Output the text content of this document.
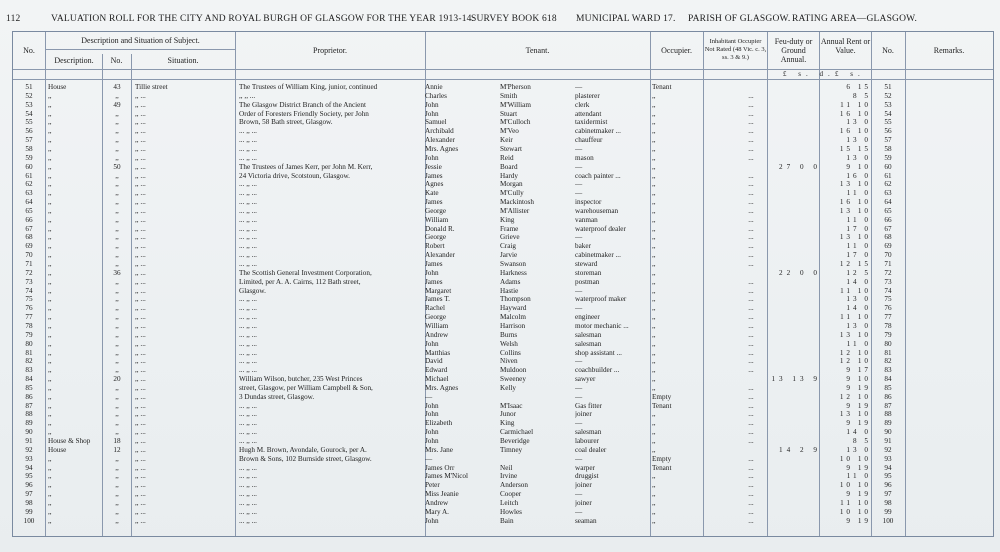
112	VALUATION ROLL FOR THE CITY AND ROYAL BURGH OF GLASGOW FOR THE YEAR 1913-14.
SURVEY BOOK 618 MUNICIPAL WARD 17. PARISH OF GLASGOW. RATING AREA—GLASGOW.
No.
Description and Situation of Subject.
Description.	No.	Situation.
Proprietor.	Tenant.	Occupier.
Inhabitant Occupier Not Rated (48 Vic. c. 3, ss. 3 & 9.)
Feu-duty or Ground Annual.
Annual Rent or Value.	No.	Remarks.
£ s. d. £ s.
51	House	43	Tillie street	The Trustees of William King, junior, continued	Annie	M'Pherson	—	Tenant	6 15	51
52	,,	,,	,, ...	,, ,, ...	Charles	Smith	plasterer	,,	...	8 5	52
53	,,	49	,, ...	The Glasgow District Branch of the Ancient	John	M'William	clerk	,,	...	11 10	53
54	,,	,,	,, ...	Order of Foresters Friendly Society, per John	John	Stuart	attendant	,,	...	16 10	54
55	,,	,,	,, ...	Brown, 58 Bath street, Glasgow.	Samuel	M'Culloch	taxidermist	,,	...	13 0	55
56	,,	,,	,, ...	... ,, ...	Archibald	M'Veo	cabinetmaker ...	,,	...	16 10	56
57	,,	,,	,, ...	... ,, ...	Alexander	Keir	chauffeur	,,	...	13 0	57
58	,,	,,	,, ...	... ,, ...	Mrs. Agnes	Stewart	—	,,	...	15 15	58
59	,,	,,	,, ...	... ,, ...	John	Reid	mason	,,	...	13 0	59
60	,,	50	,, ...	The Trustees of James Kerr, per John M. Kerr,	Jessie	Board	—	,,	27 0 0	9 10	60
61	,,	,,	,, ...	24 Victoria drive, Scotstoun, Glasgow.	James	Hardy	coach painter ...	,,	...	16 0	61
62	,,	,,	,, ...	... ,, ...	Agnes	Morgan	—	,,	...	13 10	62
63	,,	,,	,, ...	... ,, ...	Kate	M'Cully	—	,,	...	11 0	63
64	,,	,,	,, ...	... ,, ...	James	Mackintosh	inspector	,,	...	16 10	64
65	,,	,,	,, ...	... ,, ...	George	M'Allister	warehouseman	,,	...	13 10	65
66	,,	,,	,, ...	... ,, ...	William	King	vanman	,,	...	11 0	66
67	,,	,,	,, ...	... ,, ...	Donald R.	Frame	waterproof dealer	,,	...	17 0	67
68	,,	,,	,, ...	... ,, ...	George	Grieve	—	,,	...	13 10	68
69	,,	,,	,, ...	... ,, ...	Robert	Craig	baker	,,	...	11 0	69
70	,,	,,	,, ...	... ,, ...	Alexander	Jarvie	cabinetmaker ...	,,	...	17 0	70
71	,,	,,	,, ...	... ,, ...	James	Swanson	steward	,,	...	12 15	71
72	,,	36	,, ...	The Scottish General Investment Corporation,	John	Harkness	storeman	,,	22 0 0	12 5	72
73	,,	,,	,, ...	Limited, per A. A. Cairns, 112 Bath street,	James	Adams	postman	,,	...	14 0	73
74	,,	,,	,, ...	Glasgow.	Margaret	Hastie	—	,,	...	11 10	74
75	,,	,,	,, ...	... ,, ...	James T.	Thompson	waterproof maker	,,	...	13 0	75
76	,,	,,	,, ...	... ,, ...	Rachel	Hayward	—	,,	...	14 0	76
77	,,	,,	,, ...	... ,, ...	George	Malcolm	engineer	,,	...	11 10	77
78	,,	,,	,, ...	... ,, ...	William	Harrison	motor mechanic ...	,,	...	13 0	78
79	,,	,,	,, ...	... ,, ...	Andrew	Burns	salesman	,,	...	13 10	79
80	,,	,,	,, ...	... ,, ...	John	Welsh	salesman	,,	...	11 0	80
81	,,	,,	,, ...	... ,, ...	Matthias	Collins	shop assistant ...	,,	...	12 10	81
82	,,	,,	,, ...	... ,, ...	David	Niven	—	,,	...	12 10	82
83	,,	,,	,, ...	... ,, ...	Edward	Muldoon	coachbuilder ...	,,	...	9 17	83
84	,,	20	,, ...	William Wilson, butcher, 235 West Princes	Michael	Sweeney	sawyer	,,	13 13 9	9 10	84
85	,,	,,	,, ...	street, Glasgow, per William Campbell & Son,	Mrs. Agnes	Kelly	—	,,	...	9 19	85
86	,,	,,	,, ...	3 Dundas street, Glasgow.	—	—	Empty	...	12 10	86
87	,,	,,	,, ...	... ,, ...	John	M'Isaac	Gas fitter	Tenant	...	9 19	87
88	,,	,,	,, ...	... ,, ...	John	Junor	joiner	,,	...	13 10	88
89	,,	,,	,, ...	... ,, ...	Elizabeth	King	—	,,	...	9 19	89
90	,,	,,	,, ...	... ,, ...	John	Carmichael	salesman	,,	...	14 0	90
91	House & Shop	18	,, ...	... ,, ...	John	Beveridge	labourer	,,	...	8 5	91
92	House	12	,, ...	Hugh M. Brown, Avondale, Gourock, per A.	Mrs. Jane	Timney	coal dealer	,,	14 2 9	13 0	92
93	,,	,,	,, ...	Brown & Sons, 102 Burnside street, Glasgow.	—	—	Empty	...	10 10	93
94	,,	,,	,, ...	... ,, ...	James Orr	Neil	warper	Tenant	...	9 19	94
95	,,	,,	,, ...	... ,, ...	James M'Nicol	Irvine	druggist	,,	...	11 0	95
96	,,	,,	,, ...	... ,, ...	Peter	Anderson	joiner	,,	...	10 10	96
97	,,	,,	,, ...	... ,, ...	Miss Jeanie	Cooper	—	,,	...	9 19	97
98	,,	,,	,, ...	... ,, ...	Andrew	Leitch	joiner	,,	...	11 10	98
99	,,	,,	,, ...	... ,, ...	Mary A.	Howles	—	,,	...	10 10	99
100	,,	,,	,, ...	... ,, ...	John	Bain	seaman	,,	...	9 19	100
